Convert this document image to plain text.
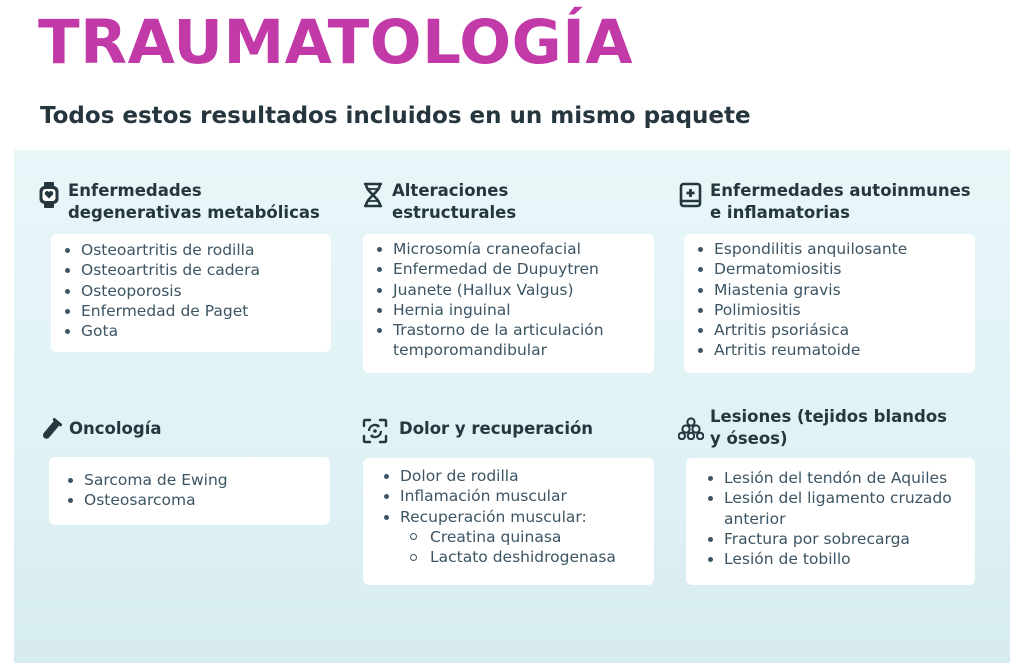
TRAUMATOLOGÍA
Todos estos resultados incluidos en un mismo paquete
Enfermedades
degenerativas metabólicas
Osteoartritis de rodilla
Osteoartritis de cadera
Osteoporosis
Enfermedad de Paget
Gota
Alteraciones
estructurales
Microsomía craneofacial
Enfermedad de Dupuytren
Juanete (Hallux Valgus)
Hernia inguinal
Trastorno de la articulación
temporomandibular
Enfermedades autoinmunes
e inflamatorias
Espondilitis anquilosante
Dermatomiositis
Miastenia gravis
Polimiositis
Artritis psoriásica
Artritis reumatoide
Oncología
Sarcoma de Ewing
Osteosarcoma
Dolor y recuperación
Dolor de rodilla
Inflamación muscular
Recuperación muscular:
Creatina quinasa
Lactato deshidrogenasa
Lesiones (tejidos blandos
y óseos)
Lesión del tendón de Aquiles
Lesión del ligamento cruzado
anterior
Fractura por sobrecarga
Lesión de tobillo
